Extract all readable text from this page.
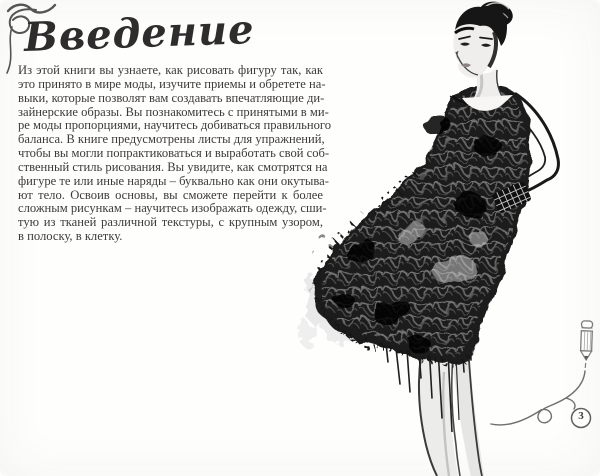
Введение
Из этой книги вы узнаете, как рисовать фигуру так, как
это принято в мире моды, изучите приемы и обретете на-
выки, которые позволят вам создавать впечатляющие ди-
зайнерские образы. Вы познакомитесь с принятыми в ми-
ре моды пропорциями, научитесь добиваться правильного
баланса. В книге предусмотрены листы для упражнений,
чтобы вы могли попрактиковаться и выработать свой соб-
ственный стиль рисования. Вы увидите, как смотрятся на
фигуре те или иные наряды – буквально как они окутыва-
ют тело. Освоив основы, вы сможете перейти к более
сложным рисункам – научитесь изображать одежду, сши-
тую из тканей различной текстуры, с крупным узором,
в полоску, в клетку.
3
